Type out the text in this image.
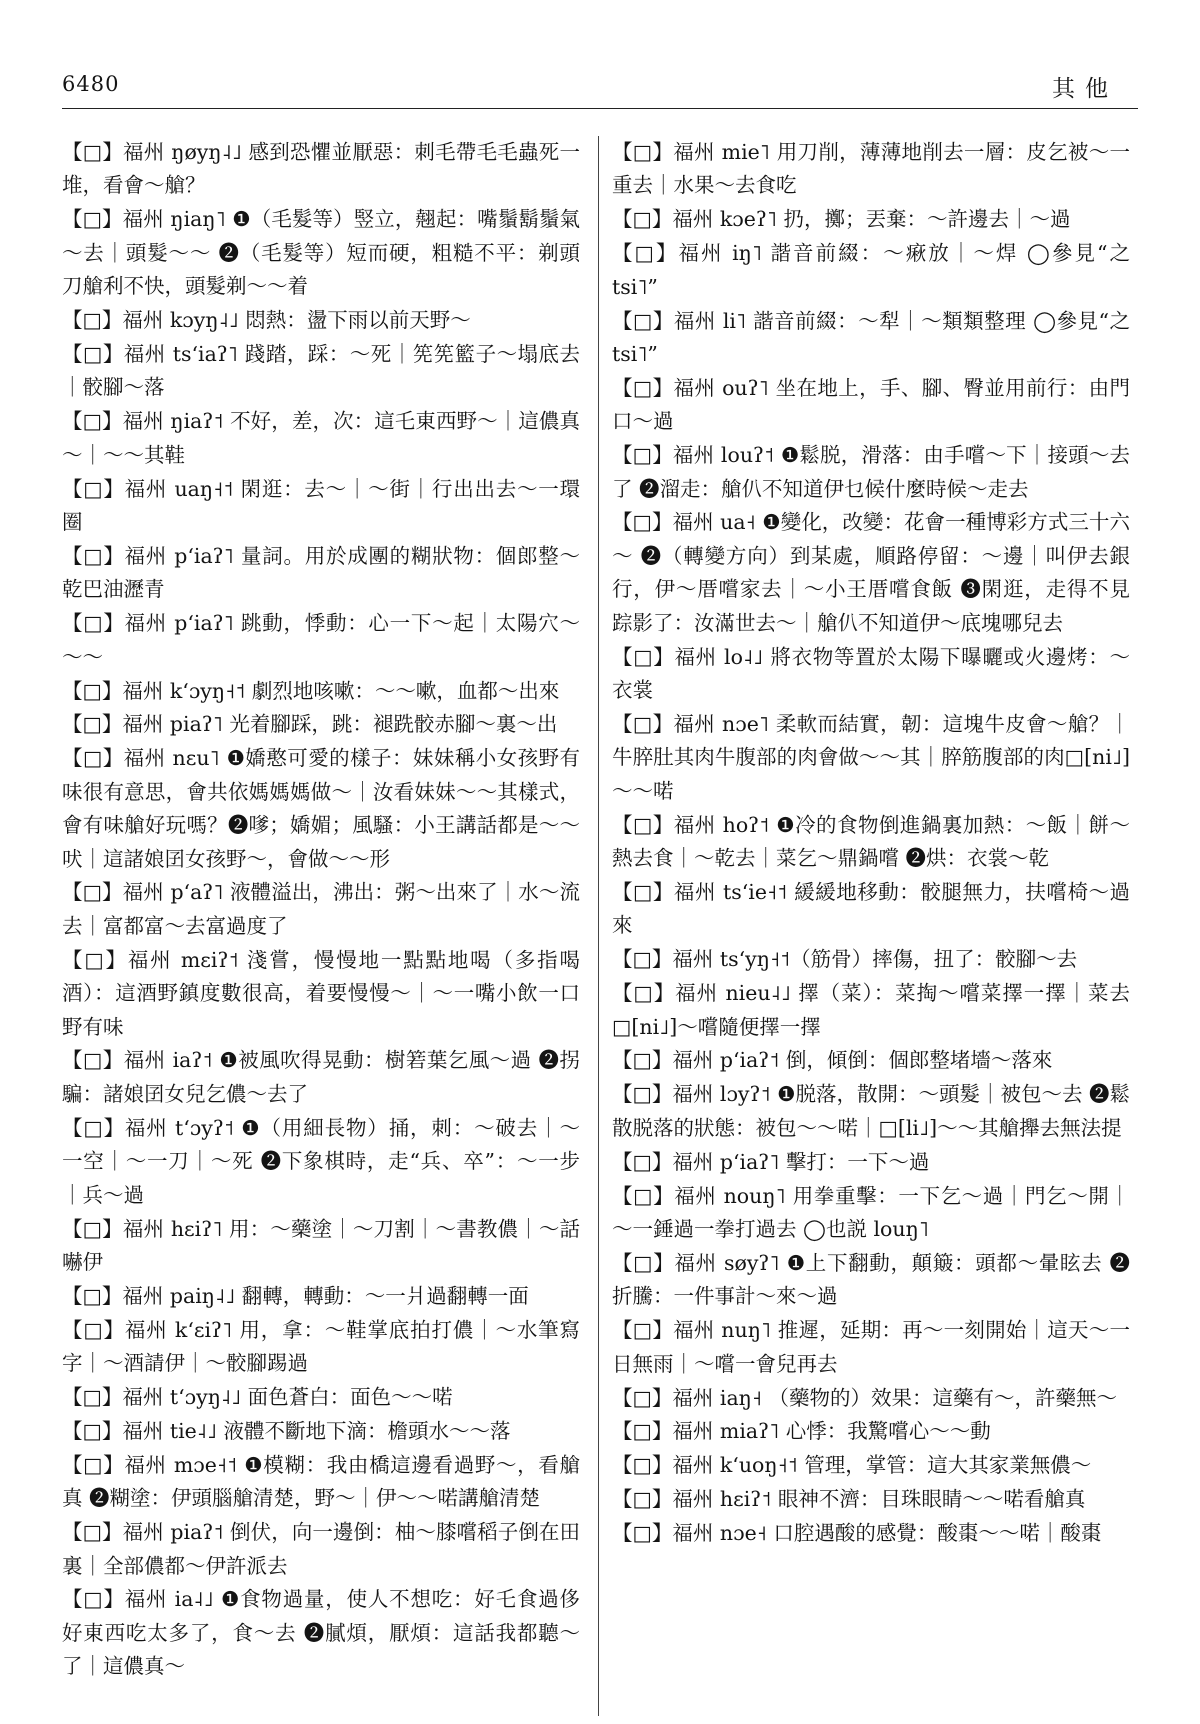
6480	其他

【□】福州 ŋøyŋ˨˩ 感到恐懼並厭惡：刺毛帶毛毛蟲死一堆，看會～艙？

【□】福州 ŋiaŋ˥ ❶（毛髮等）竪立，翹起：嘴鬚鬍鬚氣～去｜頭髮～～ ❷（毛髮等）短而硬，粗糙不平：剃頭刀艙利不快，頭髮剃～～着

【□】福州 kɔyŋ˨˩ 悶熱：盪下雨以前天野～

【□】福州 tsʻiaʔ˥ 踐踏，踩：～死｜筅筅籃子～塌底去｜骹腳～落

【□】福州 ŋiaʔ˦ 不好，差，次：這乇東西野～｜這儂真～｜～～其鞋

【□】福州 uaŋ˧˦ 閑逛：去～｜～街｜行出出去～一環圈

【□】福州 pʻiaʔ˥ 量詞。用於成團的糊狀物：個郎整～乾巴油瀝青

【□】福州 pʻiaʔ˥ 跳動，悸動：心一下～起｜太陽穴～～～

【□】福州 kʻɔyŋ˧˦ 劇烈地咳嗽：～～嗽，血都～出來

【□】福州 piaʔ˥ 光着腳踩，跳：褪跣骹赤腳～裏～出

【□】福州 nɛu˥ ❶嬌憨可愛的樣子：妹妹稱小女孩野有味很有意思，會共依媽媽媽做～｜汝看妹妹～～其樣式，會有味艙好玩嗎？❷嗲；嬌媚；風騷：小王講話都是～～吠｜這諸娘囝女孩野～，會做～～形

【□】福州 pʻaʔ˥ 液體溢出，沸出：粥～出來了｜水～流去｜富都富～去富過度了

【□】福州 mɛiʔ˦ 淺嘗，慢慢地一點點地喝（多指喝酒）：這酒野鎮度數很高，着要慢慢～｜～一嘴小飲一口野有味

【□】福州 iaʔ˦ ❶被風吹得晃動：樹箬葉乞風～過 ❷拐騙：諸娘囝女兒乞儂～去了

【□】福州 tʻɔyʔ˦ ❶（用細長物）捅，刺：～破去｜～一空｜～一刀｜～死 ❷下象棋時，走“兵、卒”：～一步｜兵～過

【□】福州 hɛiʔ˥ 用：～藥塗｜～刀割｜～書教儂｜～話嚇伊

【□】福州 paiŋ˨˩ 翻轉，轉動：～一爿過翻轉一面

【□】福州 kʻɛiʔ˥ 用，拿：～鞋掌底拍打儂｜～水筆寫字｜～酒請伊｜～骹腳踢過

【□】福州 tʻɔyŋ˨˩ 面色蒼白：面色～～喏

【□】福州 tie˨˩ 液體不斷地下滴：檐頭水～～落

【□】福州 mɔe˧˦ ❶模糊：我由橋這邊看過野～，看艙真 ❷糊塗：伊頭腦艙清楚，野～｜伊～～喏講艙清楚

【□】福州 piaʔ˦ 倒伏，向一邊倒：柚～膝嚐稻子倒在田裏｜全部儂都～伊許派去

【□】福州 ia˨˩ ❶食物過量，使人不想吃：好乇食過侈好東西吃太多了，食～去 ❷膩煩，厭煩：這話我都聽～了｜這儂真～

【□】福州 mie˥ 用刀削，薄薄地削去一層：皮乞被～一重去｜水果～去食吃

【□】福州 kɔeʔ˥ 扔，擲；丟棄：～許邊去｜～過

【□】福州 iŋ˥ 諧音前綴：～㾭放｜～焊 ◯參見“之 tsi˥”

【□】福州 li˥ 諧音前綴：～犁｜～類類整理 ◯參見“之 tsi˥”

【□】福州 ouʔ˥ 坐在地上，手、腳、臀並用前行：由門口～過

【□】福州 louʔ˦ ❶鬆脱，滑落：由手嚐～下｜接頭～去了 ❷溜走：艙仈不知道伊乜候什麼時候～走去

【□】福州 ua˧ ❶變化，改變：花會一種博彩方式三十六～ ❷（轉變方向）到某處，順路停留：～邊｜叫伊去銀行，伊～厝嚐家去｜～小王厝嚐食飯 ❸閑逛，走得不見踪影了：汝滿世去～｜艙仈不知道伊～底塊哪兒去

【□】福州 lo˨˩ 將衣物等置於太陽下曝曬或火邊烤：～衣裳

【□】福州 nɔe˥ 柔軟而結實，韌：這塊牛皮會～艙？｜牛脺肚其肉牛腹部的肉會做～～其｜脺筋腹部的肉□[ni˩]～～喏

【□】福州 hoʔ˦ ❶冷的食物倒進鍋裏加熱：～飯｜餅～熱去食｜～乾去｜菜乞～鼎鍋嚐 ❷烘：衣裳～乾

【□】福州 tsʻie˧˦ 緩緩地移動：骹腿無力，扶嚐椅～過來

【□】福州 tsʻyŋ˧˦（筋骨）摔傷，扭了：骹腳～去

【□】福州 nieu˨˩ 擇（菜）：菜掏～嚐菜擇一擇｜菜去□[ni˩]～嚐隨便擇一擇

【□】福州 pʻiaʔ˦ 倒，傾倒：個郎整堵墻～落來

【□】福州 lɔyʔ˦ ❶脱落，散開：～頭髮｜被包～去 ❷鬆散脱落的狀態：被包～～喏｜□[li˩]～～其艙攑去無法提

【□】福州 pʻiaʔ˥ 擊打：一下～過

【□】福州 nouŋ˥ 用拳重擊：一下乞～過｜門乞～開｜～一錘過一拳打過去 ◯也説 louŋ˥

【□】福州 søyʔ˥ ❶上下翻動，顛簸：頭都～暈眩去 ❷折騰：一件事計～來～過

【□】福州 nuŋ˥ 推遲，延期：再～一刻開始｜這天～一日無雨｜～嚐一會兒再去

【□】福州 iaŋ˧ （藥物的）效果：這藥有～，許藥無～

【□】福州 miaʔ˥ 心悸：我驚嚐心～～動

【□】福州 kʻuoŋ˧˦ 管理，掌管：這大其家業無儂～

【□】福州 hɛiʔ˦ 眼神不濟：目珠眼睛～～喏看艙真

【□】福州 nɔe˧ 口腔遇酸的感覺：酸棗～～喏｜酸棗
